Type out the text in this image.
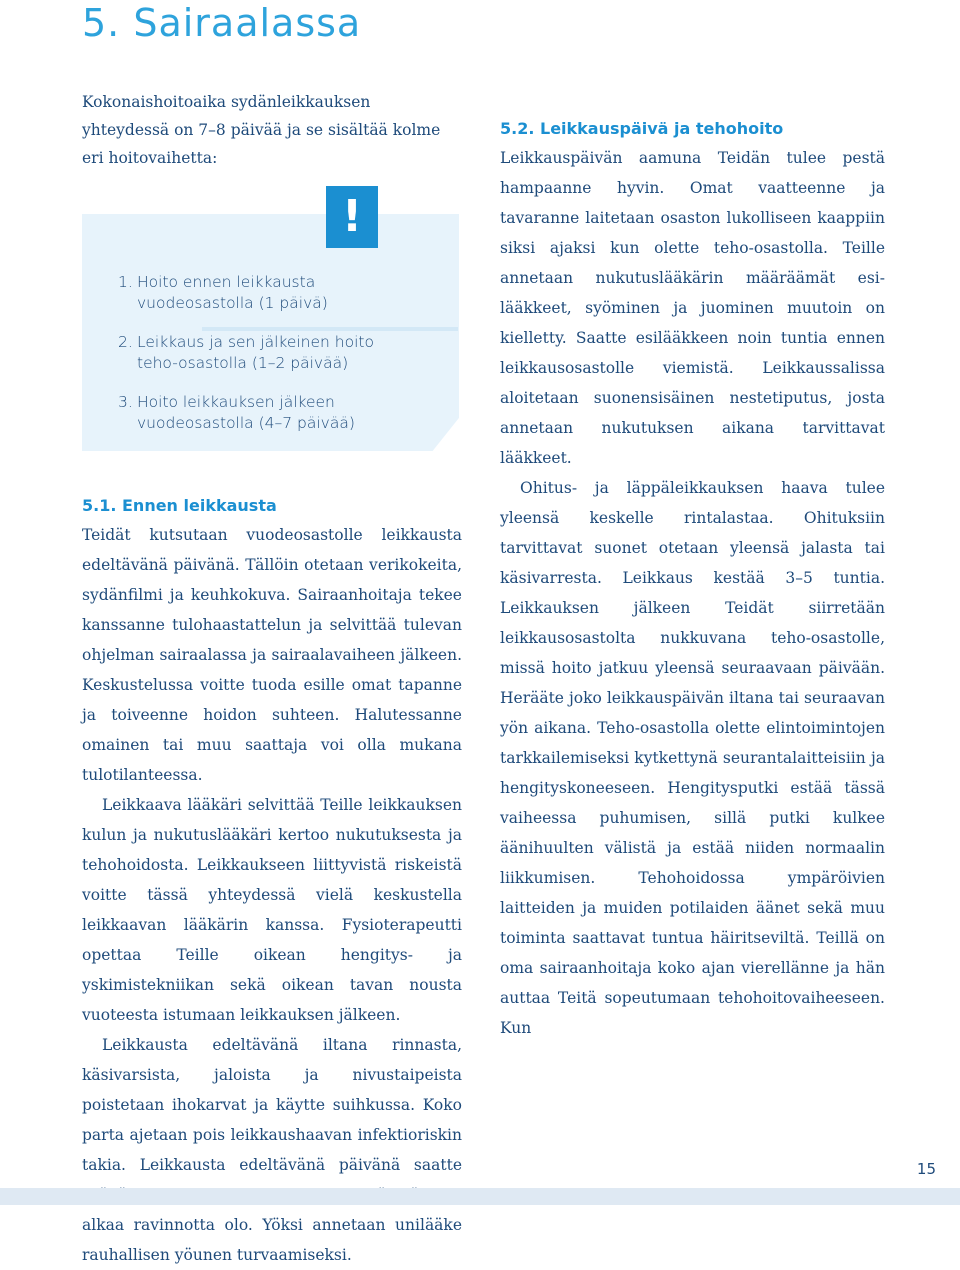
5. Sairaalassa

Kokonaishoitoaika sydänleikkauksen yhteydessä on 7–8 päivää ja se sisältää kolme eri hoitovaihetta:

!
1. Hoito ennen leikkausta
vuodeosastolla (1 päivä)
2. Leikkaus ja sen jälkeinen hoito
teho-osastolla (1–2 päivää)
3. Hoito leikkauksen jälkeen
vuodeosastolla (4–7 päivää)
5.1. Ennen leikkausta

Teidät kutsutaan vuodeosastolle leikkausta edeltävänä päivänä. Tällöin otetaan verikokeita, sydänfilmi ja keuhkokuva. Sairaanhoitaja tekee kanssanne tulohaastattelun ja selvittää tulevan ohjelman sairaalassa ja sairaalavaiheen jälkeen. Keskustelussa voitte tuoda esille omat tapanne ja toiveenne hoidon suhteen. Halutessanne omainen tai muu saattaja voi olla mukana tulotilanteessa.

Leikkaava lääkäri selvittää Teille leikkauksen kulun ja nukutuslääkäri kertoo nukutuksesta ja tehohoidosta. Leikkaukseen liittyvistä riskeistä voitte tässä yhteydessä vielä keskustella leikkaavan lääkärin kanssa. Fysioterapeutti opettaa Teille oikean hengitys- ja yskimistekniikan sekä oikean tavan nousta vuoteesta istumaan leikkauksen jälkeen.

Leikkausta edeltävänä iltana rinnasta, käsivarsista, jaloista ja nivustaipeista poistetaan ihokarvat ja käytte suihkussa. Koko parta ajetaan pois leikkaushaavan infektioriskin takia. Leikkausta edeltävänä päivänä saatte alkaa ravinnotta olo. Yöksi annetaan unilääke rauhallisen yöunen turvaamiseksi.

5.2. Leikkauspäivä ja tehohoito

Leikkauspäivän aamuna Teidän tulee pestä hampaanne hyvin. Omat vaatteenne ja tavaranne laitetaan osaston lukolliseen kaappiin siksi ajaksi kun olette teho-osastolla. Teille annetaan nukutuslääkärin määräämät esi-lääkkeet, syöminen ja juominen muutoin on kielletty. Saatte esilääkkeen noin tuntia ennen leikkausosastolle viemistä. Leikkaussalissa aloitetaan suonensisäinen nestetiputus, josta annetaan nukutuksen aikana tarvittavat lääkkeet.

Ohitus- ja läppäleikkauksen haava tulee yleensä keskelle rintalastaa. Ohituksiin tarvittavat suonet otetaan yleensä jalasta tai käsivarresta. Leikkaus kestää 3–5 tuntia. Leikkauksen jälkeen Teidät siirretään leikkausosastolta nukkuvana teho-osastolle, missä hoito jatkuu yleensä seuraavaan päivään. Herääte joko leikkauspäivän iltana tai seuraavan yön aikana. Teho-osastolla olette elintoimintojen tarkkailemiseksi kytkettynä seurantalaitteisiin ja hengityskoneeseen. Hengitysputki estää tässä vaiheessa puhumisen, sillä putki kulkee äänihuulten välistä ja estää niiden normaalin liikkumisen. Tehohoidossa ympäröivien laitteiden ja muiden potilaiden äänet sekä muu toiminta saattavat tuntua häiritseviltä. Teillä on oma sairaanhoitaja koko ajan vierellänne ja hän auttaa Teitä sopeutumaan tehohoitovaiheeseen. Kun

15
